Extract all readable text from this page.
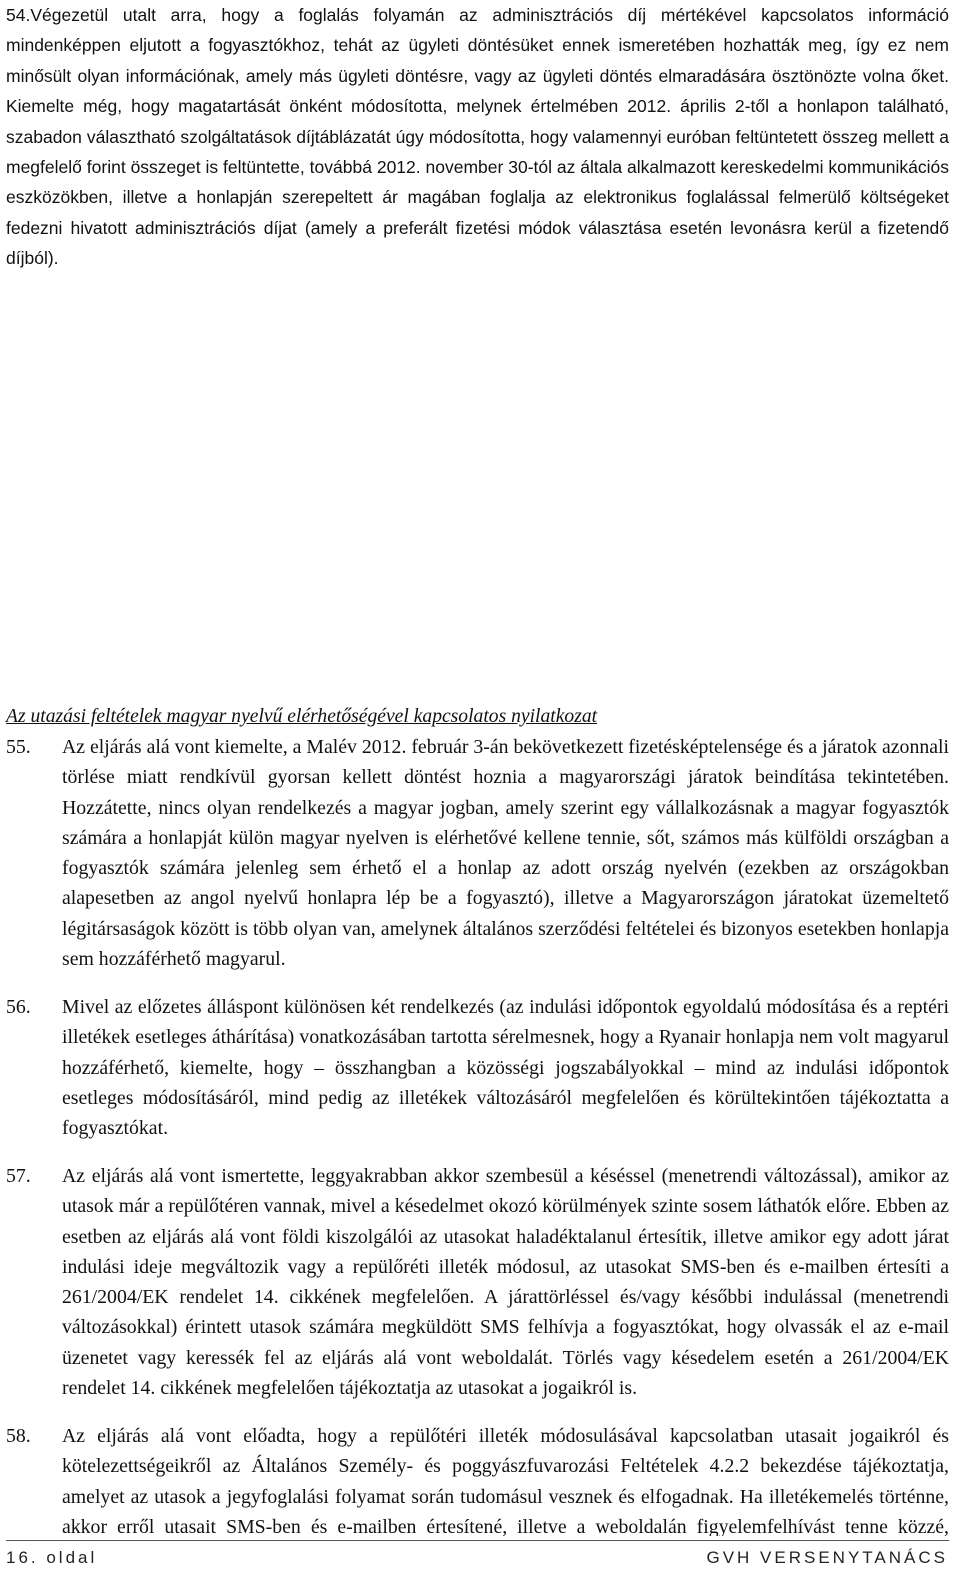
54.Végezetül utalt arra, hogy a foglalás folyamán az adminisztrációs díj mértékével kapcsolatos információ mindenképpen eljutott a fogyasztókhoz, tehát az ügyleti döntésüket ennek ismeretében hozhatták meg, így ez nem minősült olyan információnak, amely más ügyleti döntésre, vagy az ügyleti döntés elmaradására ösztönözte volna őket. Kiemelte még, hogy magatartását önként módosította, melynek értelmében 2012. április 2-től a honlapon található, szabadon választható szolgáltatások díjtáblázatát úgy módosította, hogy valamennyi euróban feltüntetett összeg mellett a megfelelő forint összeget is feltüntette, továbbá 2012. november 30-tól az általa alkalmazott kereskedelmi kommunikációs eszközökben, illetve a honlapján szerepeltett ár magában foglalja az elektronikus foglalással felmerülő költségeket fedezni hivatott adminisztrációs díjat (amely a preferált fizetési módok választása esetén levonásra kerül a fizetendő díjból).

Az utazási feltételek magyar nyelvű elérhetőségével kapcsolatos nyilatkozat

55.	Az eljárás alá vont kiemelte, a Malév 2012. február 3-án bekövetkezett fizetésképtelensége és a járatok azonnali törlése miatt rendkívül gyorsan kellett döntést hoznia a magyarországi járatok beindítása tekintetében. Hozzátette, nincs olyan rendelkezés a magyar jogban, amely szerint egy vállalkozásnak a magyar fogyasztók számára a honlapját külön magyar nyelven is elérhetővé kellene tennie, sőt, számos más külföldi országban a fogyasztók számára jelenleg sem érhető el a honlap az adott ország nyelvén (ezekben az országokban alapesetben az angol nyelvű honlapra lép be a fogyasztó), illetve a Magyarországon járatokat üzemeltető légitársaságok között is több olyan van, amelynek általános szerződési feltételei és bizonyos esetekben honlapja sem hozzáférhető magyarul.
56.	Mivel az előzetes álláspont különösen két rendelkezés (az indulási időpontok egyoldalú módosítása és a reptéri illetékek esetleges áthárítása) vonatkozásában tartotta sérelmesnek, hogy a Ryanair honlapja nem volt magyarul hozzáférhető, kiemelte, hogy – összhangban a közösségi jogszabályokkal – mind az indulási időpontok esetleges módosításáról, mind pedig az illetékek változásáról megfelelően és körültekintően tájékoztatta a fogyasztókat.
57.	Az eljárás alá vont ismertette, leggyakrabban akkor szembesül a késéssel (menetrendi változással), amikor az utasok már a repülőtéren vannak, mivel a késedelmet okozó körülmények szinte sosem láthatók előre. Ebben az esetben az eljárás alá vont földi kiszolgálói az utasokat haladéktalanul értesítik, illetve amikor egy adott járat indulási ideje megváltozik vagy a repülőréti illeték módosul, az utasokat SMS-ben és e-mailben értesíti a 261/2004/EK rendelet 14. cikkének megfelelően. A járattörléssel és/vagy későbbi indulással (menetrendi változásokkal) érintett utasok számára megküldött SMS felhívja a fogyasztókat, hogy olvassák el az e-mail üzenetet vagy keressék fel az eljárás alá vont weboldalát. Törlés vagy késedelem esetén a 261/2004/EK rendelet 14. cikkének megfelelően tájékoztatja az utasokat a jogaikról is.
58.	Az eljárás alá vont előadta, hogy a repülőtéri illeték módosulásával kapcsolatban utasait jogaikról és kötelezettségeikről az Általános Személy- és poggyászfuvarozási Feltételek 4.2.2 bekezdése tájékoztatja, amelyet az utasok a jegyfoglalási folyamat során tudomásul vesznek és elfogadnak. Ha illetékemelés történne, akkor erről utasait SMS-ben és e-mailben értesítené, illetve a weboldalán figyelemfelhívást tenne közzé,
16. oldal	GVH VERSENYTANÁCS
